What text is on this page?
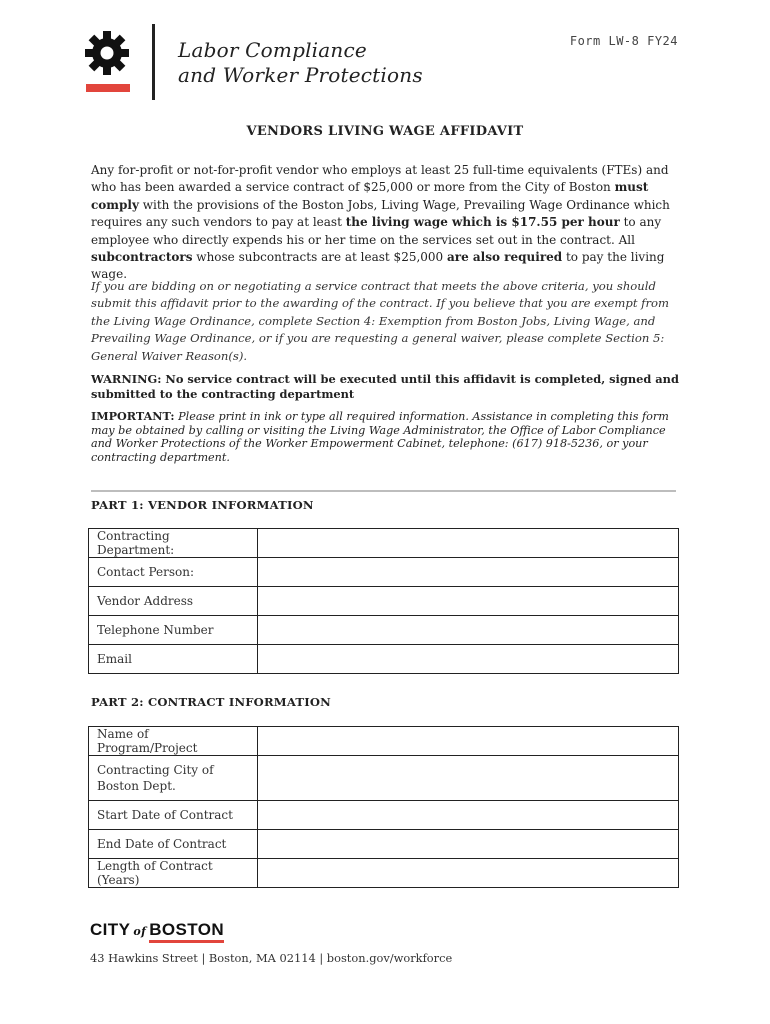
Labor Compliance
and Worker Protections
Form LW-8 FY24
VENDORS LIVING WAGE AFFIDAVIT
Any for-profit or not-for-profit vendor who employs at least 25 full-time equivalents (FTEs) and who has been awarded a service contract of $25,000 or more from the City of Boston must comply with the provisions of the Boston Jobs, Living Wage, Prevailing Wage Ordinance which requires any such vendors to pay at least the living wage which is $17.55 per hour to any employee who directly expends his or her time on the services set out in the contract. All subcontractors whose subcontracts are at least $25,000 are also required to pay the living wage.
If you are bidding on or negotiating a service contract that meets the above criteria, you should submit this affidavit prior to the awarding of the contract. If you believe that you are exempt from the Living Wage Ordinance, complete Section 4: Exemption from Boston Jobs, Living Wage, and Prevailing Wage Ordinance, or if you are requesting a general waiver, please complete Section 5: General Waiver Reason(s).
WARNING: No service contract will be executed until this affidavit is completed, signed and submitted to the contracting department
IMPORTANT: Please print in ink or type all required information. Assistance in completing this form may be obtained by calling or visiting the Living Wage Administrator, the Office of Labor Compliance and Worker Protections of the Worker Empowerment Cabinet, telephone: (617) 918-5236, or your contracting department.
PART 1: VENDOR INFORMATION
Contracting Department:	
Contact Person:	
Vendor Address	
Telephone Number	
Email	
PART 2: CONTRACT INFORMATION
Name of Program/Project	
Contracting City of Boston Dept.	
Start Date of Contract	
End Date of Contract	
Length of Contract (Years)	
CITY of BOSTON
43 Hawkins Street | Boston, MA 02114 | boston.gov/workforce
